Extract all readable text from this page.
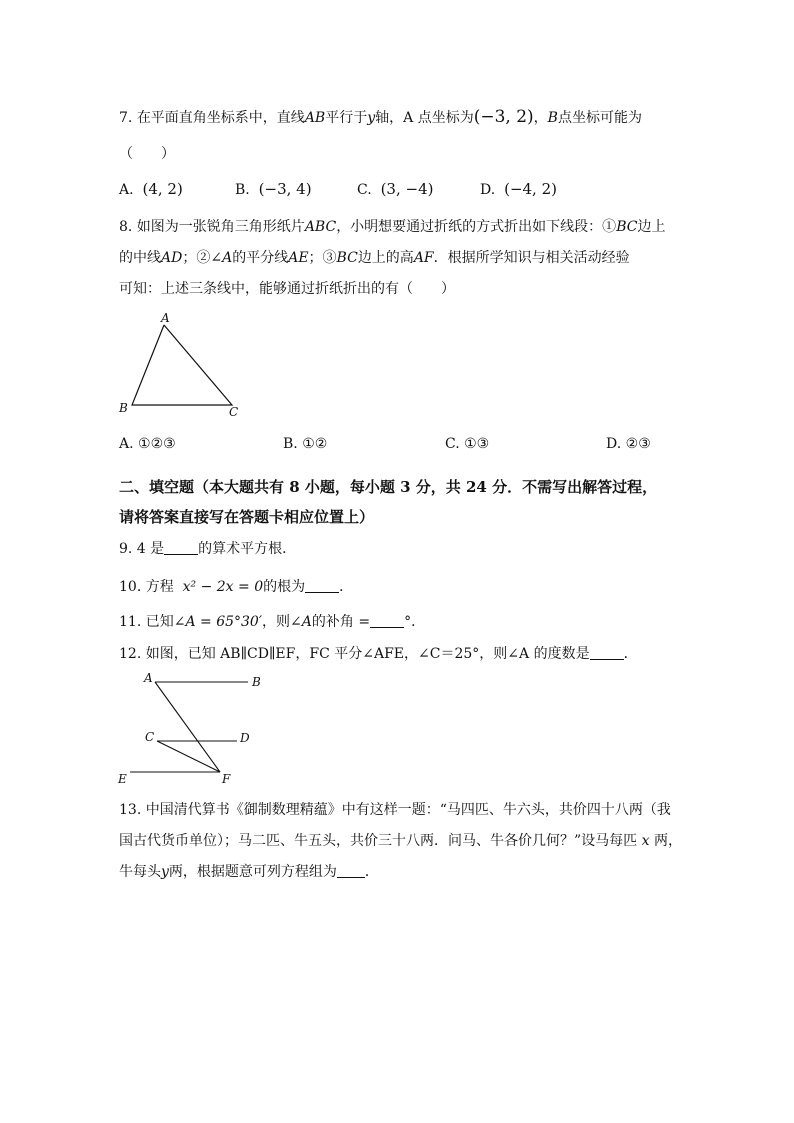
7. 在平面直角坐标系中，直线AB平行于y轴，A 点坐标为(−3, 2)，B点坐标可能为
（　　）
A. (4, 2)	B. (−3, 4)	C. (3, −4)	D. (−4, 2)
8. 如图为一张锐角三角形纸片ABC，小明想要通过折纸的方式折出如下线段：①BC边上
的中线AD；②∠A的平分线AE；③BC边上的高AF．根据所学知识与相关活动经验
可知：上述三条线中，能够通过折纸折出的有（　　）
A
B	C
A. ①②③	B. ①②	C. ①③	D. ②③
二、填空题（本大题共有 8 小题，每小题 3 分，共 24 分．不需写出解答过程，
请将答案直接写在答题卡相应位置上）
9. 4 是 的算术平方根．
10. 方程 x² − 2x = 0的根为 ．
11. 已知∠A = 65°30′，则∠A的补角 = °．
12. 如图，已知 AB∥CD∥EF，FC 平分∠AFE，∠C＝25°，则∠A 的度数是 ．
A	B
C	D
E	F
13. 中国清代算书《御制数理精蕴》中有这样一题：“马四匹、牛六头，共价四十八两（我
国古代货币单位）；马二匹、牛五头，共价三十八两．问马、牛各价几何？”设马每匹 x 两，
牛每头y两，根据题意可列方程组为 ．
